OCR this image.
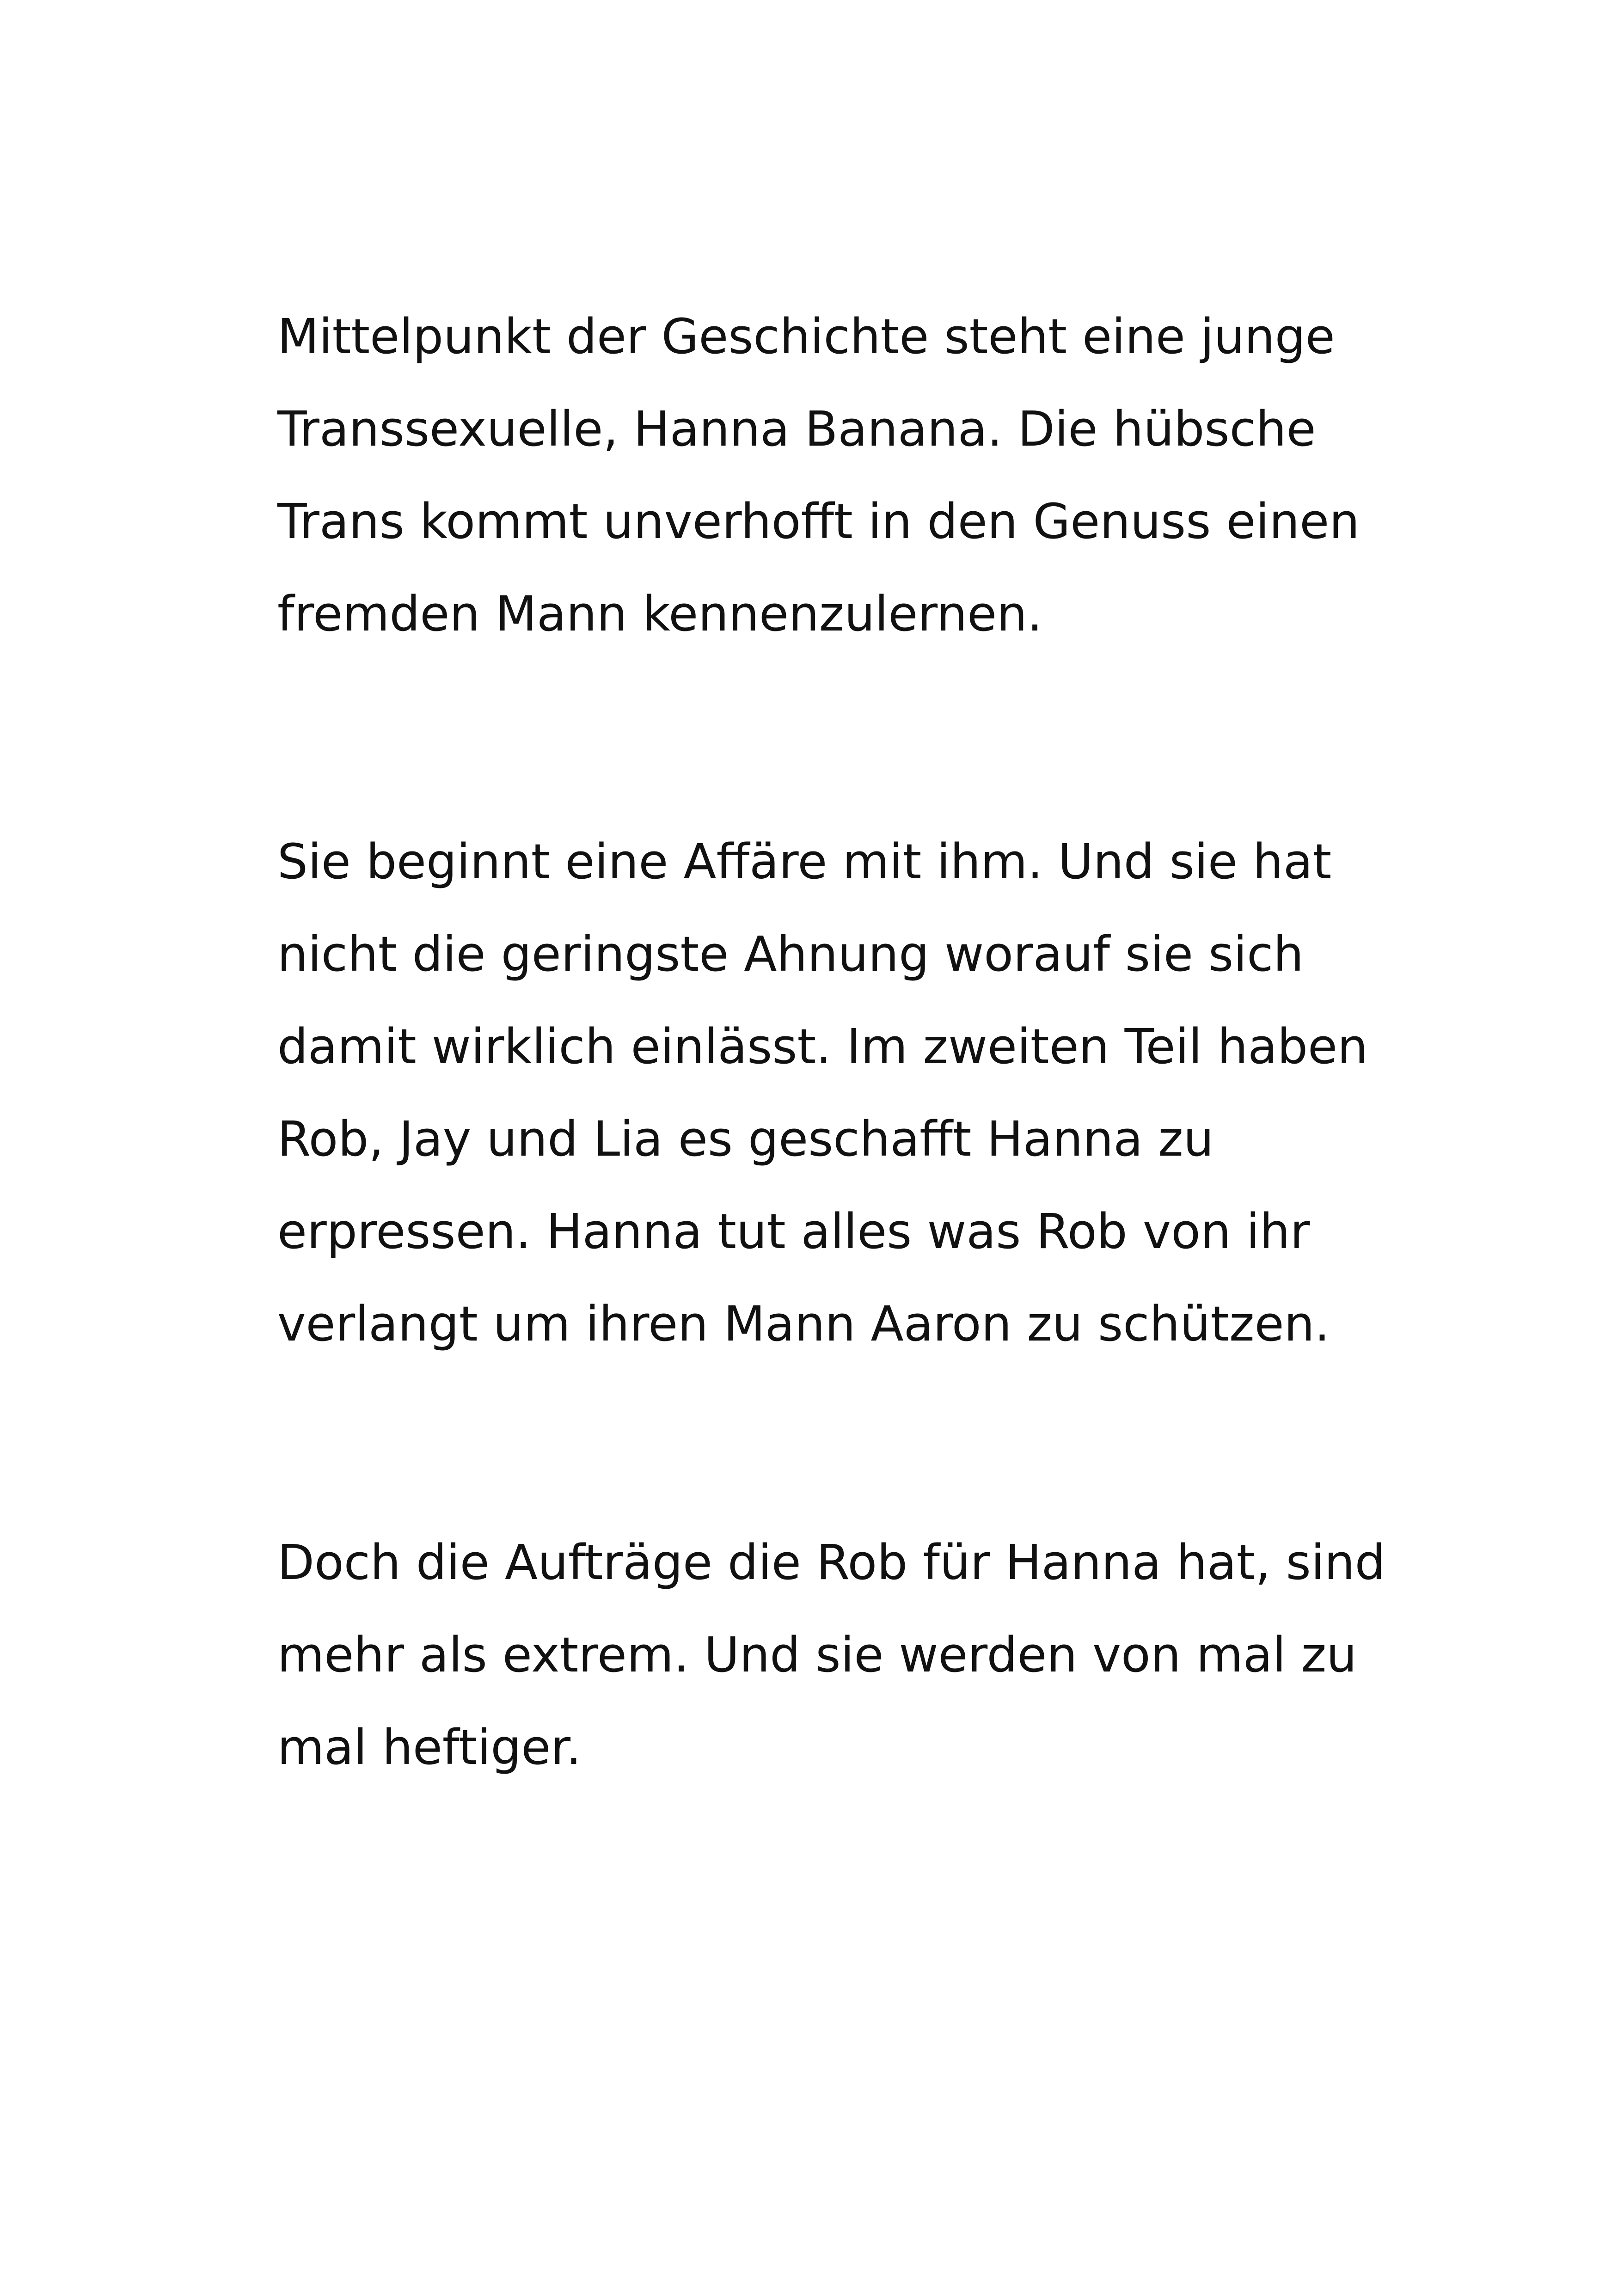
Mittelpunkt der Geschichte steht eine junge
Transsexuelle, Hanna Banana. Die hübsche
Trans kommt unverhofft in den Genuss einen
fremden Mann kennenzulernen.

Sie beginnt eine Affäre mit ihm. Und sie hat
nicht die geringste Ahnung worauf sie sich
damit wirklich einlässt. Im zweiten Teil haben
Rob, Jay und Lia es geschafft Hanna zu
erpressen. Hanna tut alles was Rob von ihr
verlangt um ihren Mann Aaron zu schützen.

Doch die Aufträge die Rob für Hanna hat, sind
mehr als extrem. Und sie werden von mal zu
mal heftiger.
